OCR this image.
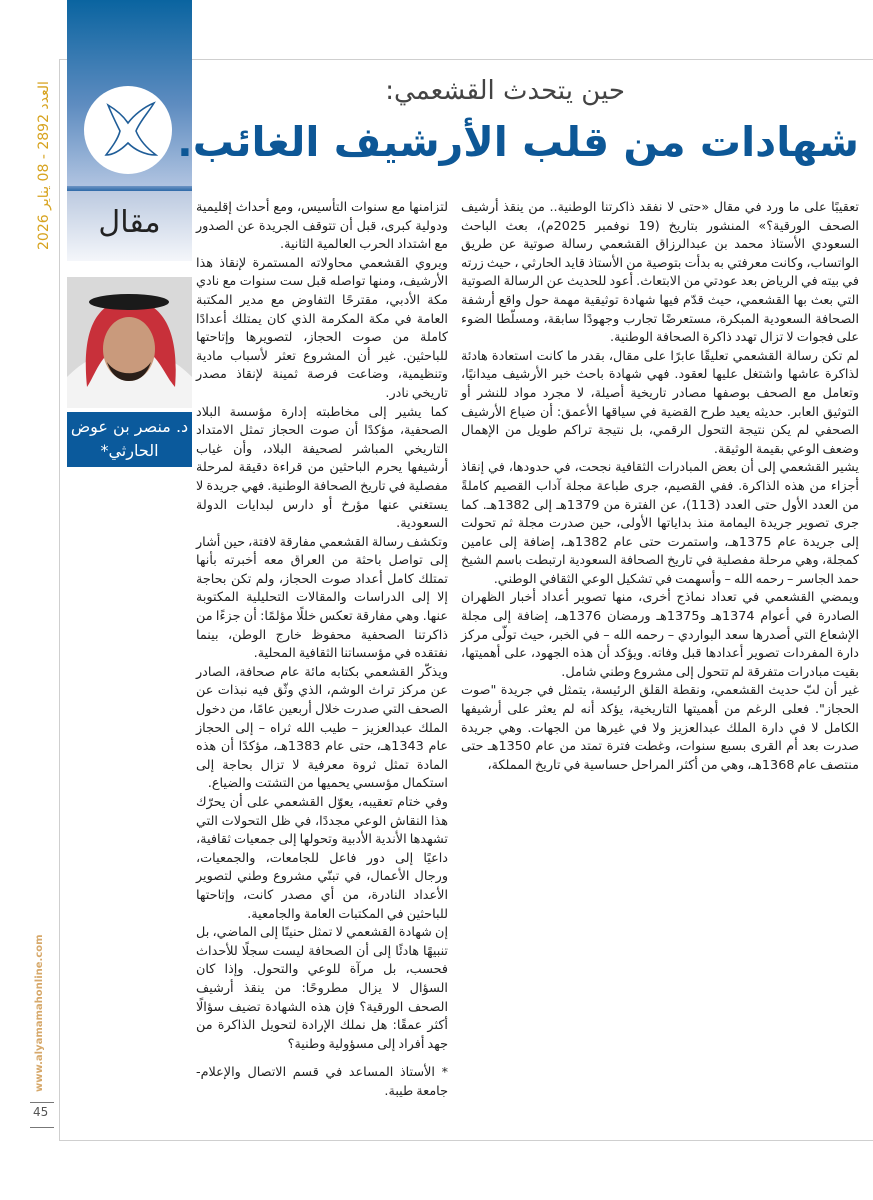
مقال
د. منصر بن عوض
الحارثي*
العدد 2892 - 08 يناير 2026
www.alyamamahonline.com
45
حين يتحدث القشعمي:
شهادات من قلب الأرشيف الغائب.

تعقيبًا على ما ورد في مقال «حتى لا نفقد ذاكرتنا الوطنية.. من ينقذ أرشيف الصحف الورقية؟» المنشور بتاريخ (19 نوفمبر 2025م)، بعث الباحث السعودي الأستاذ محمد بن عبدالرزاق القشعمي رسالة صوتية عن طريق الواتساب، وكانت معرفتي به بدأت بتوصية من الأستاذ قايد الحارثي ، حيث زرته في بيته في الرياض بعد عودتي من الابتعاث. أعود للحديث عن الرسالة الصوتية التي بعث بها القشعمي، حيث قدّم فيها شهادة توثيقية مهمة حول واقع أرشفة الصحافة السعودية المبكرة، مستعرضًا تجارب وجهودًا سابقة، ومسلّطا الضوء على فجوات لا تزال تهدد ذاكرة الصحافة الوطنية.

لم تكن رسالة القشعمي تعليقًا عابرًا على مقال، بقدر ما كانت استعادة هادئة لذاكرة عاشها واشتغل عليها لعقود. فهي شهادة باحث خبر الأرشيف ميدانيًا، وتعامل مع الصحف بوصفها مصادر تاريخية أصيلة، لا مجرد مواد للنشر أو التوثيق العابر. حديثه يعيد طرح القضية في سياقها الأعمق: أن ضياع الأرشيف الصحفي لم يكن نتيجة التحول الرقمي، بل نتيجة تراكم طويل من الإهمال وضعف الوعي بقيمة الوثيقة.

يشير القشعمي إلى أن بعض المبادرات الثقافية نجحت، في حدودها، في إنقاذ أجزاء من هذه الذاكرة. ففي القصيم، جرى طباعة مجلة آداب القصيم كاملةً من العدد الأول حتى العدد (113)، عن الفترة من 1379هـ إلى 1382هـ. كما جرى تصوير جريدة اليمامة منذ بداياتها الأولى، حين صدرت مجلة ثم تحولت إلى جريدة عام 1375هـ، واستمرت حتى عام 1382هـ، إضافة إلى عامين كمجلة، وهي مرحلة مفصلية في تاريخ الصحافة السعودية ارتبطت باسم الشيخ حمد الجاسر – رحمه الله – وأسهمت في تشكيل الوعي الثقافي الوطني.

ويمضي القشعمي في تعداد نماذج أخرى، منها تصوير أعداد أخبار الظهران الصادرة في أعوام 1374هـ و1375هـ ورمضان 1376هـ، إضافة إلى مجلة الإشعاع التي أصدرها سعد البواردي – رحمه الله – في الخبر، حيث تولّى مركز دارة المفردات تصوير أعدادها قبل وفاته. ويؤكد أن هذه الجهود، على أهميتها، بقيت مبادرات متفرقة لم تتحول إلى مشروع وطني شامل.

غير أن لبّ حديث القشعمي، ونقطة القلق الرئيسة، يتمثل في جريدة "صوت الحجاز". فعلى الرغم من أهميتها التاريخية، يؤكد أنه لم يعثر على أرشيفها الكامل لا في دارة الملك عبدالعزيز ولا في غيرها من الجهات. وهي جريدة صدرت بعد أم القرى بسبع سنوات، وغطت فترة تمتد من عام 1350هـ حتى منتصف عام 1368هـ، وهي من أكثر المراحل حساسية في تاريخ المملكة،

لتزامنها مع سنوات التأسيس، ومع أحداث إقليمية ودولية كبرى، قبل أن تتوقف الجريدة عن الصدور مع اشتداد الحرب العالمية الثانية.

ويروي القشعمي محاولاته المستمرة لإنقاذ هذا الأرشيف، ومنها تواصله قبل ست سنوات مع نادي مكة الأدبي، مقترحًا التفاوض مع مدير المكتبة العامة في مكة المكرمة الذي كان يمتلك أعدادًا كاملة من صوت الحجاز، لتصويرها وإتاحتها للباحثين. غير أن المشروع تعثر لأسباب مادية وتنظيمية، وضاعت فرصة ثمينة لإنقاذ مصدر تاريخي نادر.

كما يشير إلى مخاطبته إدارة مؤسسة البلاد الصحفية، مؤكدًا أن صوت الحجاز تمثل الامتداد التاريخي المباشر لصحيفة البلاد، وأن غياب أرشيفها يحرم الباحثين من قراءة دقيقة لمرحلة مفصلية في تاريخ الصحافة الوطنية. فهي جريدة لا يستغني عنها مؤرخ أو دارس لبدايات الدولة السعودية.

وتكشف رسالة القشعمي مفارقة لافتة، حين أشار إلى تواصل باحثة من العراق معه أخبرته بأنها تمتلك كامل أعداد صوت الحجاز، ولم تكن بحاجة إلا إلى الدراسات والمقالات التحليلية المكتوبة عنها. وهي مفارقة تعكس خللًا مؤلمًا: أن جزءًا من ذاكرتنا الصحفية محفوظ خارج الوطن، بينما نفتقده في مؤسساتنا الثقافية المحلية.

ويذكّر القشعمي بكتابه مائة عام صحافة، الصادر عن مركز تراث الوشم، الذي وثّق فيه نبذات عن الصحف التي صدرت خلال أربعين عامًا، من دخول الملك عبدالعزيز – طيب الله ثراه – إلى الحجاز عام 1343هـ، حتى عام 1383هـ، مؤكدًا أن هذه المادة تمثل ثروة معرفية لا تزال بحاجة إلى استكمال مؤسسي يحميها من التشتت والضياع.

وفي ختام تعقيبه، يعوّل القشعمي على أن يحرّك هذا النقاش الوعي مجددًا، في ظل التحولات التي تشهدها الأندية الأدبية وتحولها إلى جمعيات ثقافية، داعيًا إلى دور فاعل للجامعات، والجمعيات، ورجال الأعمال، في تبنّي مشروع وطني لتصوير الأعداد النادرة، من أي مصدر كانت، وإتاحتها للباحثين في المكتبات العامة والجامعية.

إن شهادة القشعمي لا تمثل حنينًا إلى الماضي، بل تنبيهًا هادئًا إلى أن الصحافة ليست سجلًا للأحداث فحسب، بل مرآة للوعي والتحول. وإذا كان السؤال لا يزال مطروحًا: من ينقذ أرشيف الصحف الورقية؟ فإن هذه الشهادة تضيف سؤالًا أكثر عمقًا: هل نملك الإرادة لتحويل الذاكرة من جهد أفراد إلى مسؤولية وطنية؟

* الأستاذ المساعد في قسم الاتصال والإعلام- جامعة طيبة.
